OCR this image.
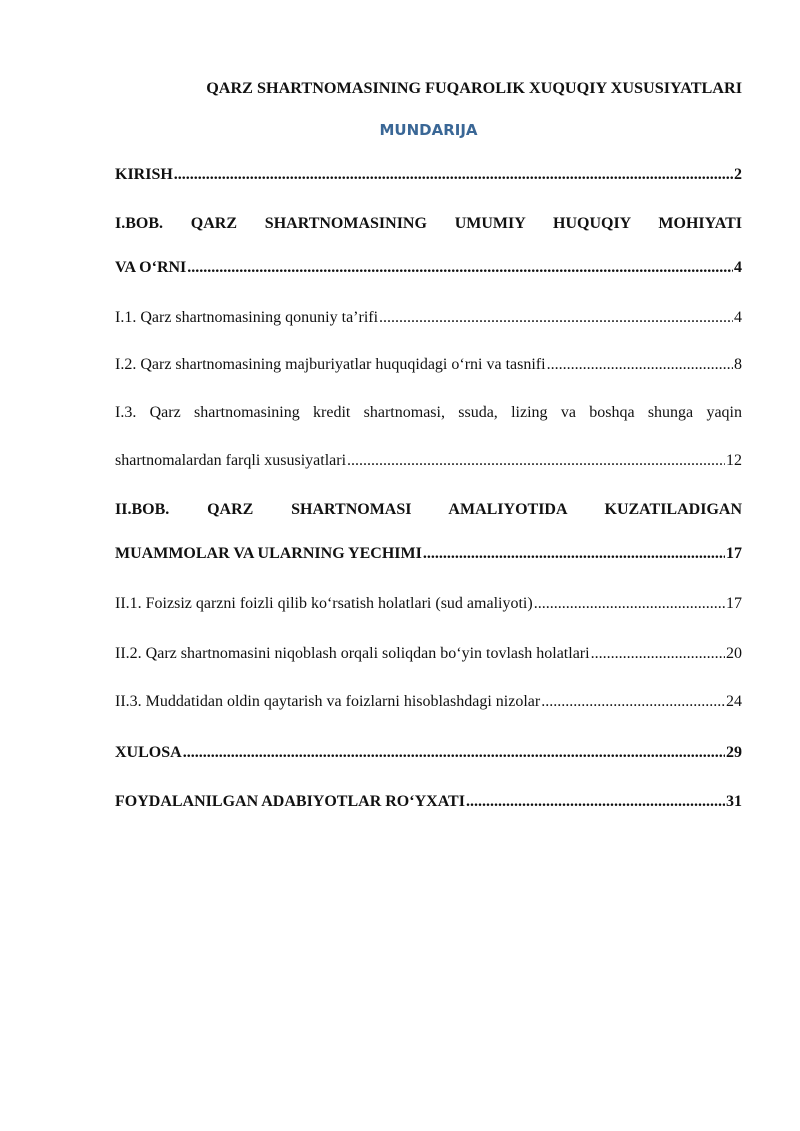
QARZ SHARTNOMASINING FUQAROLIK XUQUQIY XUSUSIYATLARI
MUNDARIJA
KIRISH .....	2
I.BOB. QARZ SHARTNOMASINING UMUMIY HUQUQIY MOHIYATI
VA O‘RNI .....	4
I.1. Qarz shartnomasining qonuniy ta’rifi .....	4
I.2. Qarz shartnomasining majburiyatlar huquqidagi o‘rni va tasnifi .....	8
I.3. Qarz shartnomasining kredit shartnomasi, ssuda, lizing va boshqa shunga yaqin
shartnomalardan farqli xususiyatlari .....	12
II.BOB. QARZ SHARTNOMASI AMALIYOTIDA KUZATILADIGAN
MUAMMOLAR VA ULARNING YECHIMI .....	17
II.1. Foizsiz qarzni foizli qilib ko‘rsatish holatlari (sud amaliyoti) .....	17
II.2. Qarz shartnomasini niqoblash orqali soliqdan bo‘yin tovlash holatlari .....	20
II.3. Muddatidan oldin qaytarish va foizlarni hisoblashdagi nizolar .....	24
XULOSA .....	29
FOYDALANILGAN ADABIYOTLAR RO‘YXATI .....	31
